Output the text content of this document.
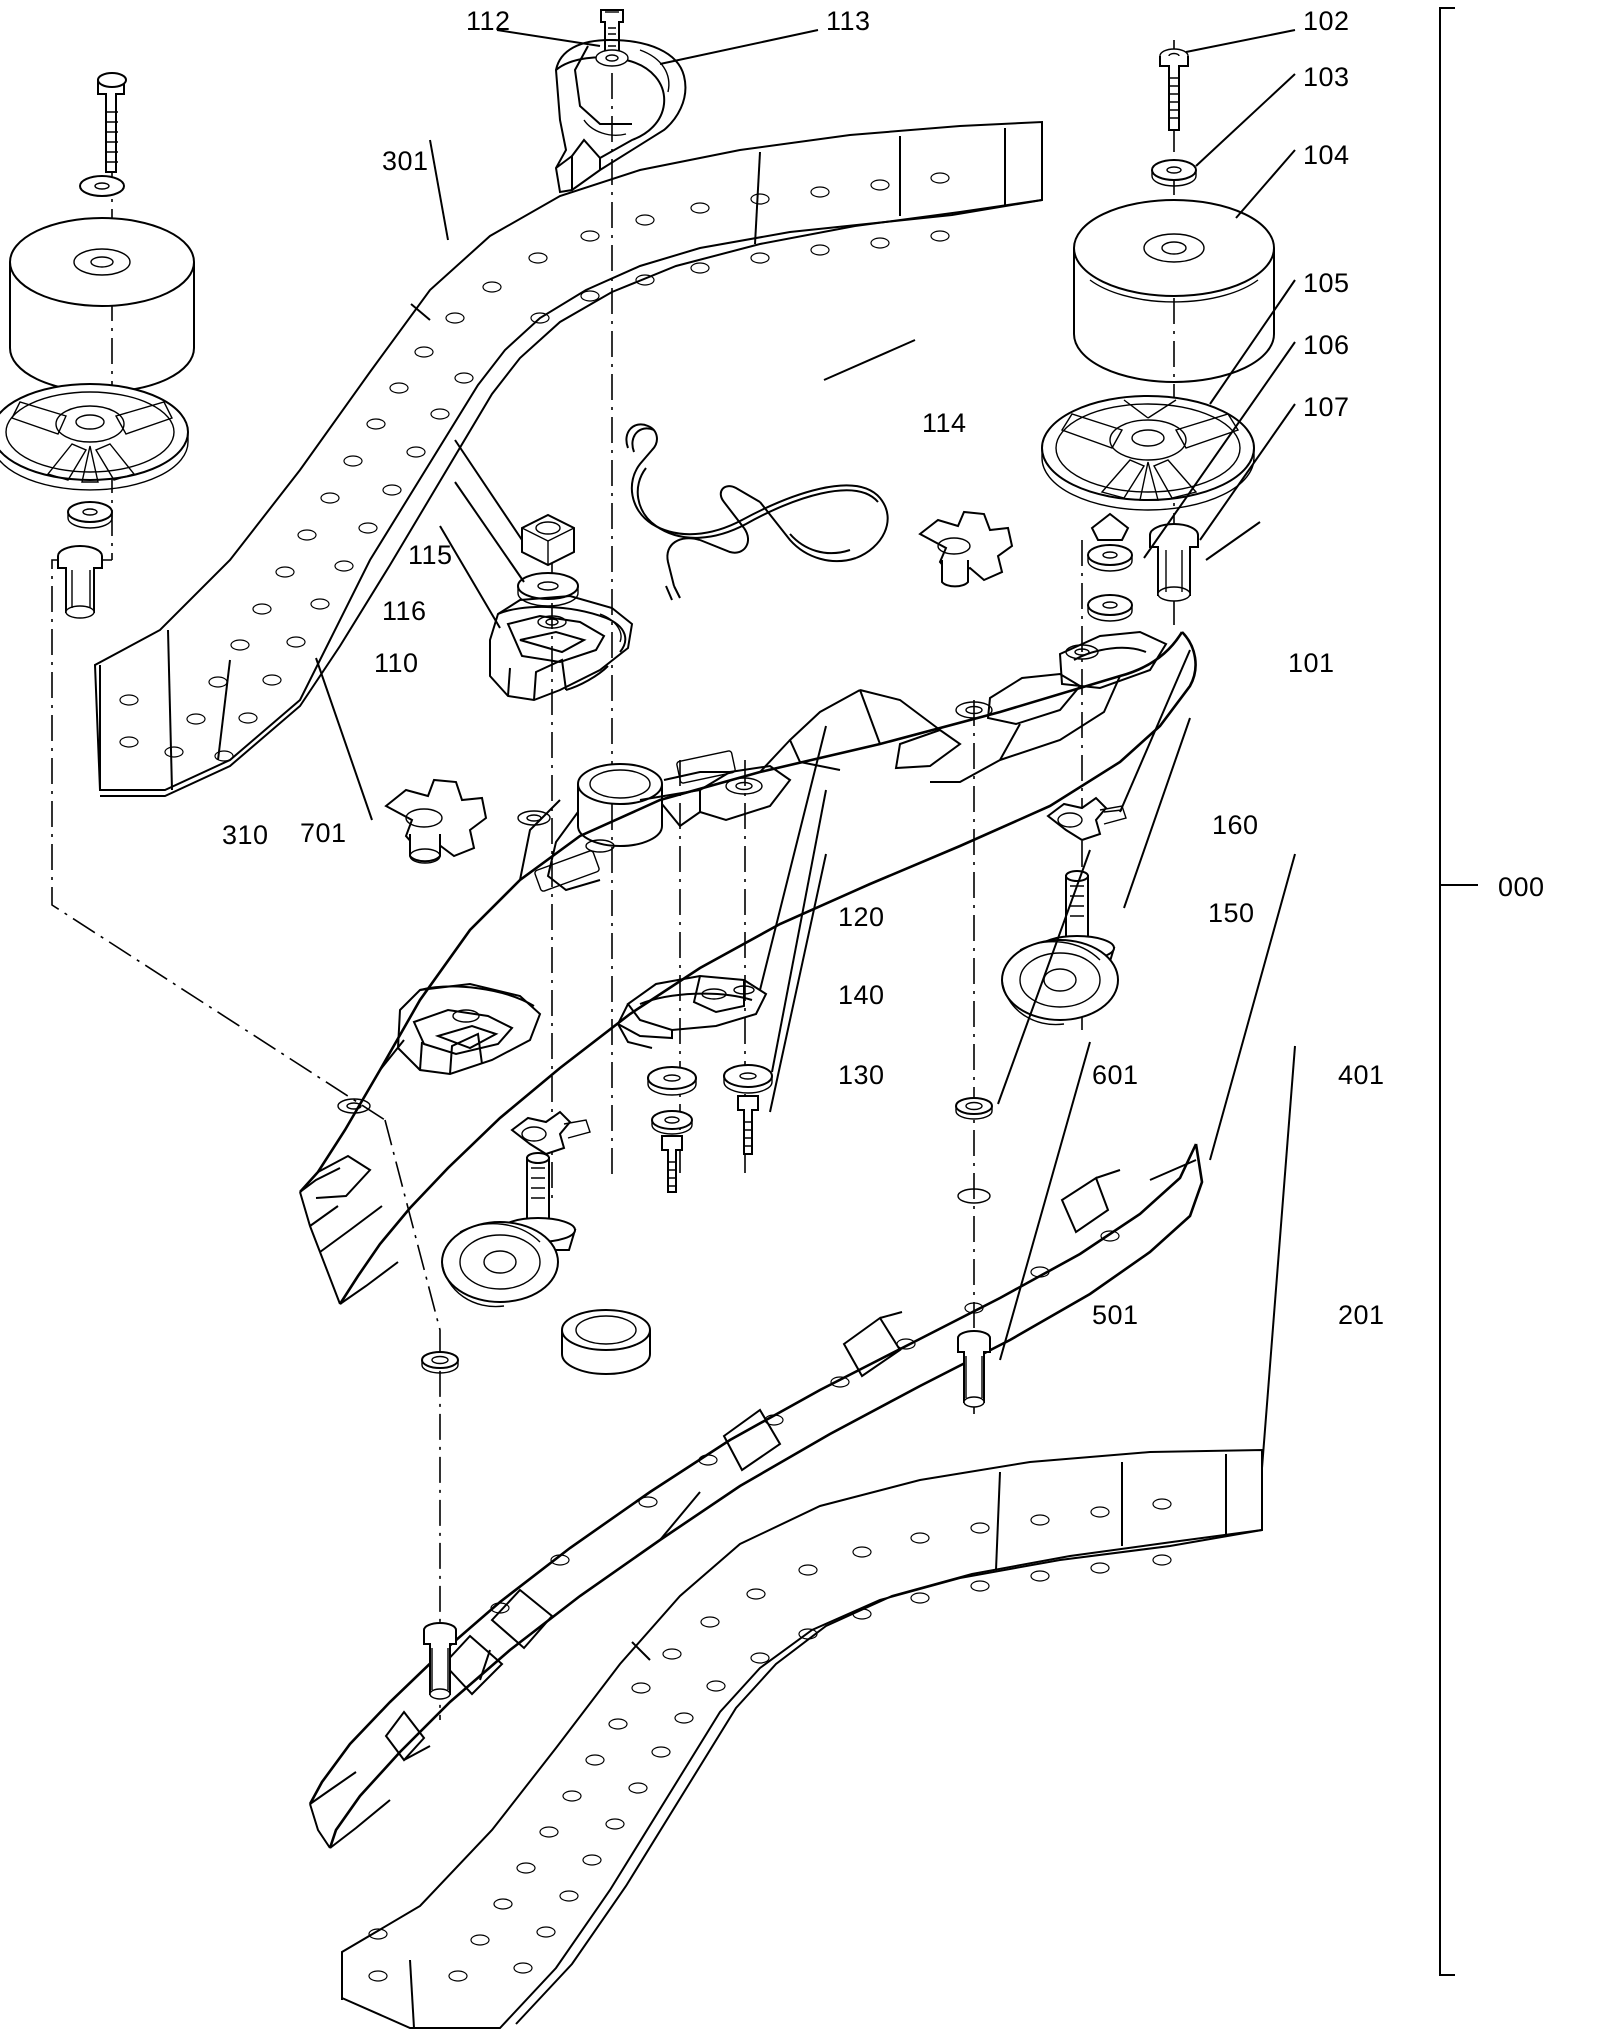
112	113	102
103
301	104
105
114
106
107
115
116
101
110
310 701	160
120	150
140
130	601	401
501	201
000
